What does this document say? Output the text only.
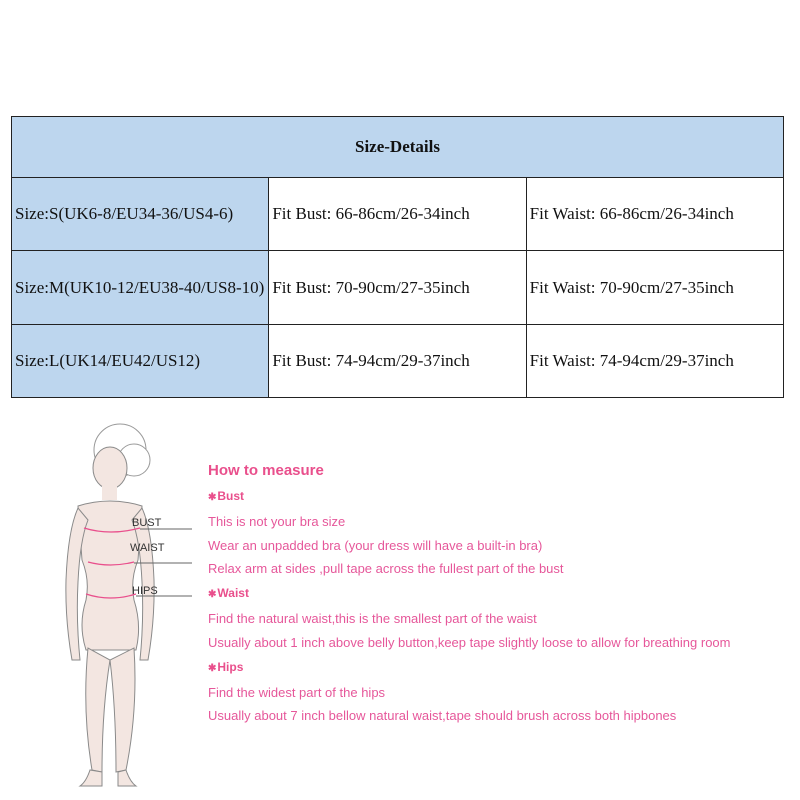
Size-Details		
Size:S(UK6-8/EU34-36/US4-6)	Fit Bust: 66-86cm/26-34inch	Fit Waist: 66-86cm/26-34inch
Size:M(UK10-12/EU38-40/US8-10)	Fit Bust: 70-90cm/27-35inch	Fit Waist: 70-90cm/27-35inch
Size:L(UK14/EU42/US12)	Fit Bust: 74-94cm/29-37inch	Fit Waist: 74-94cm/29-37inch
BUST
WAIST
HIPS
How to measure
✱Bust
This is not your bra size
Wear an unpadded bra (your dress will have a built-in bra)
Relax arm at sides ,pull tape across the fullest part of the bust
✱Waist
Find the natural waist,this is the smallest part of the waist
Usually about 1 inch above belly button,keep tape slightly loose to allow for breathing room
✱Hips
Find the widest part of the hips
Usually about 7 inch bellow natural waist,tape should brush across both hipbones
